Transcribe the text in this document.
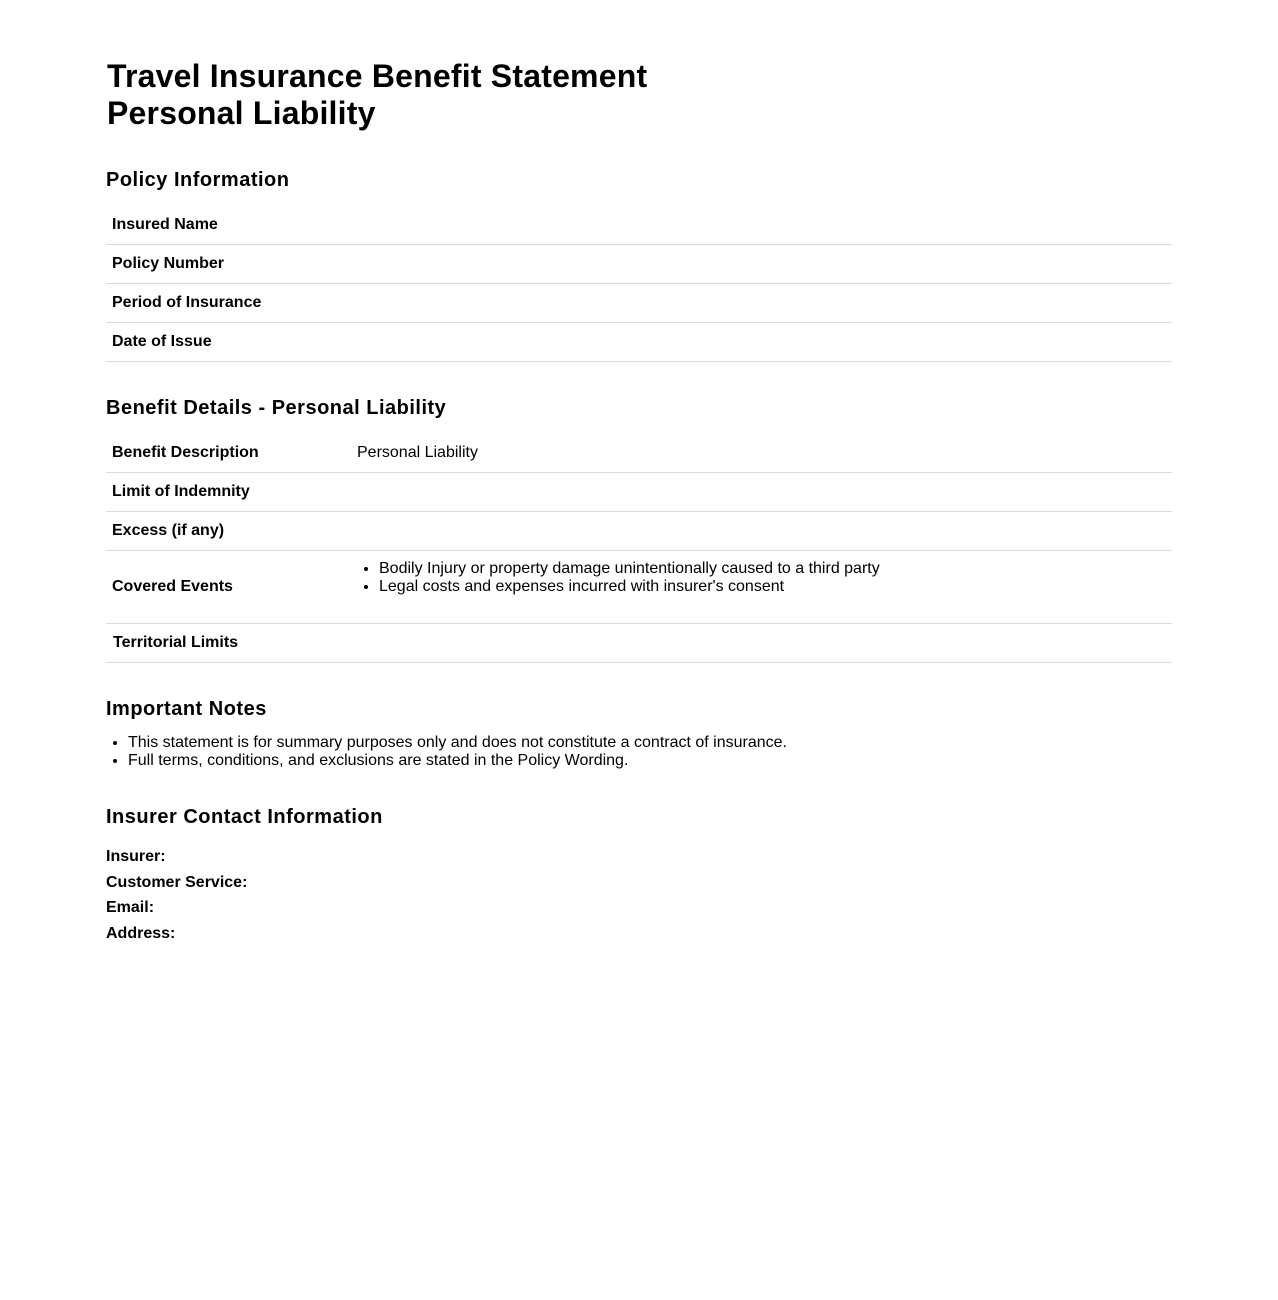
Travel Insurance Benefit Statement
Personal Liability
Policy Information
Insured Name	
Policy Number	
Period of Insurance	
Date of Issue	
Benefit Details - Personal Liability
Benefit Description	Personal Liability
Limit of Indemnity	
Excess (if any)	
Covered Events	
• Bodily Injury or property damage unintentionally caused to a third party
• Legal costs and expenses incurred with insurer's consent

Territorial Limits	
Important Notes
• This statement is for summary purposes only and does not constitute a contract of insurance.
• Full terms, conditions, and exclusions are stated in the Policy Wording.
Insurer Contact Information
Insurer:
Customer Service:
Email:
Address:
